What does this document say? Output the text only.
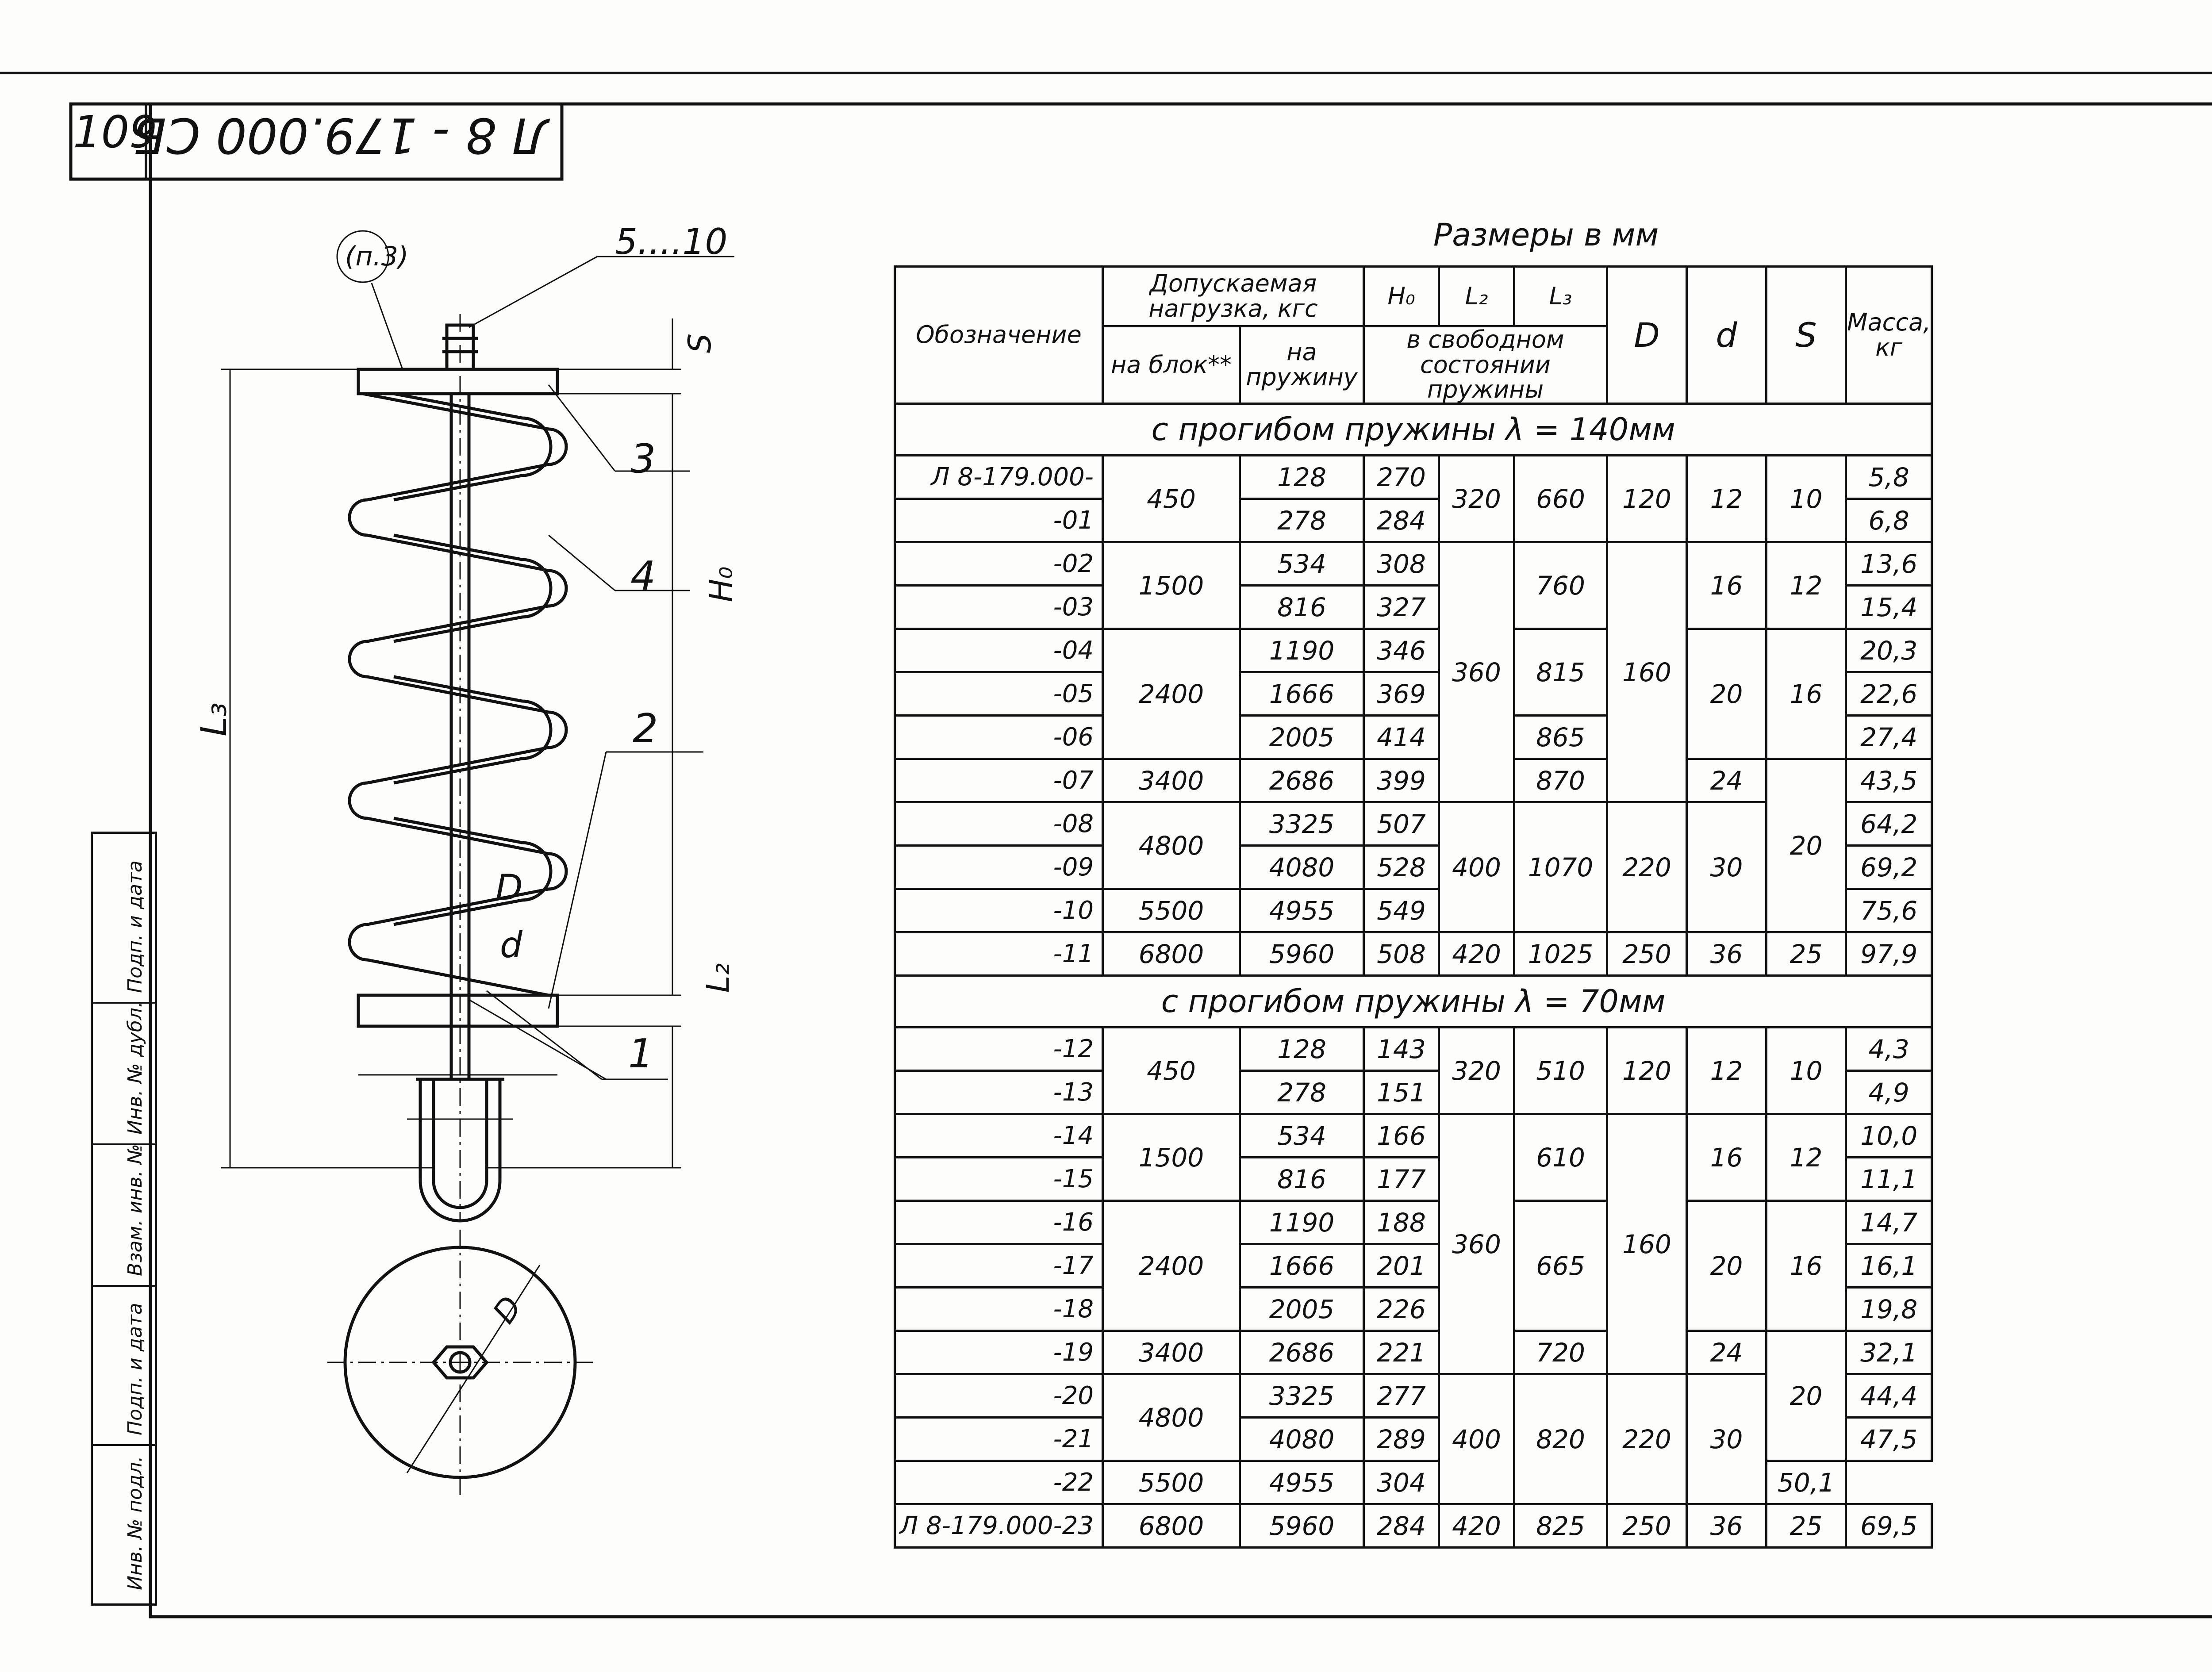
109
Л 8 - 179.000 СБ
Подп. и дата
Инв. № дубл.
Взам. инв. №
Подп. и дата
Инв. № подл.
(п.3)	5....10
3
4
2
1
S
H₀
L₃
L₂
D
d
D
Размеры в мм
Обозначение	Допускаемая нагрузка, кгс		H₀	L₂	L₃	D	d	S	Масса, кг
	на блок**	на пружину	в свободном состоянии пружины						
с прогибом пружины λ = 140мм									
Л 8-179.000-	450	128	270	320	660	120	12	10	5,8
-01		278	284						6,8
-02	1500	534	308	360	760	160	16	12	13,6
-03		816	327						15,4
-04	2400	1190	346		815		20	16	20,3
-05		1666	369						22,6
-06		2005	414		865				27,4
-07	3400	2686	399		870		24	20	43,5
-08	4800	3325	507	400	1070	220	30		64,2
-09		4080	528						69,2
-10	5500	4955	549						75,6
-11	6800	5960	508	420	1025	250	36	25	97,9
с прогибом пружины λ = 70мм									
-12	450	128	143	320	510	120	12	10	4,3
-13		278	151						4,9
-14	1500	534	166	360	610	160	16	12	10,0
-15		816	177						11,1
-16	2400	1190	188		665		20	16	14,7
-17		1666	201						16,1
-18		2005	226						19,8
-19	3400	2686	221		720		24	20	32,1
-20	4800	3325	277	400	820	220	30		44,4
-21		4080	289						47,5
-22	5500	4955	304					50,1	
Л 8-179.000-23	6800	5960	284	420	825	250	36	25	69,5
